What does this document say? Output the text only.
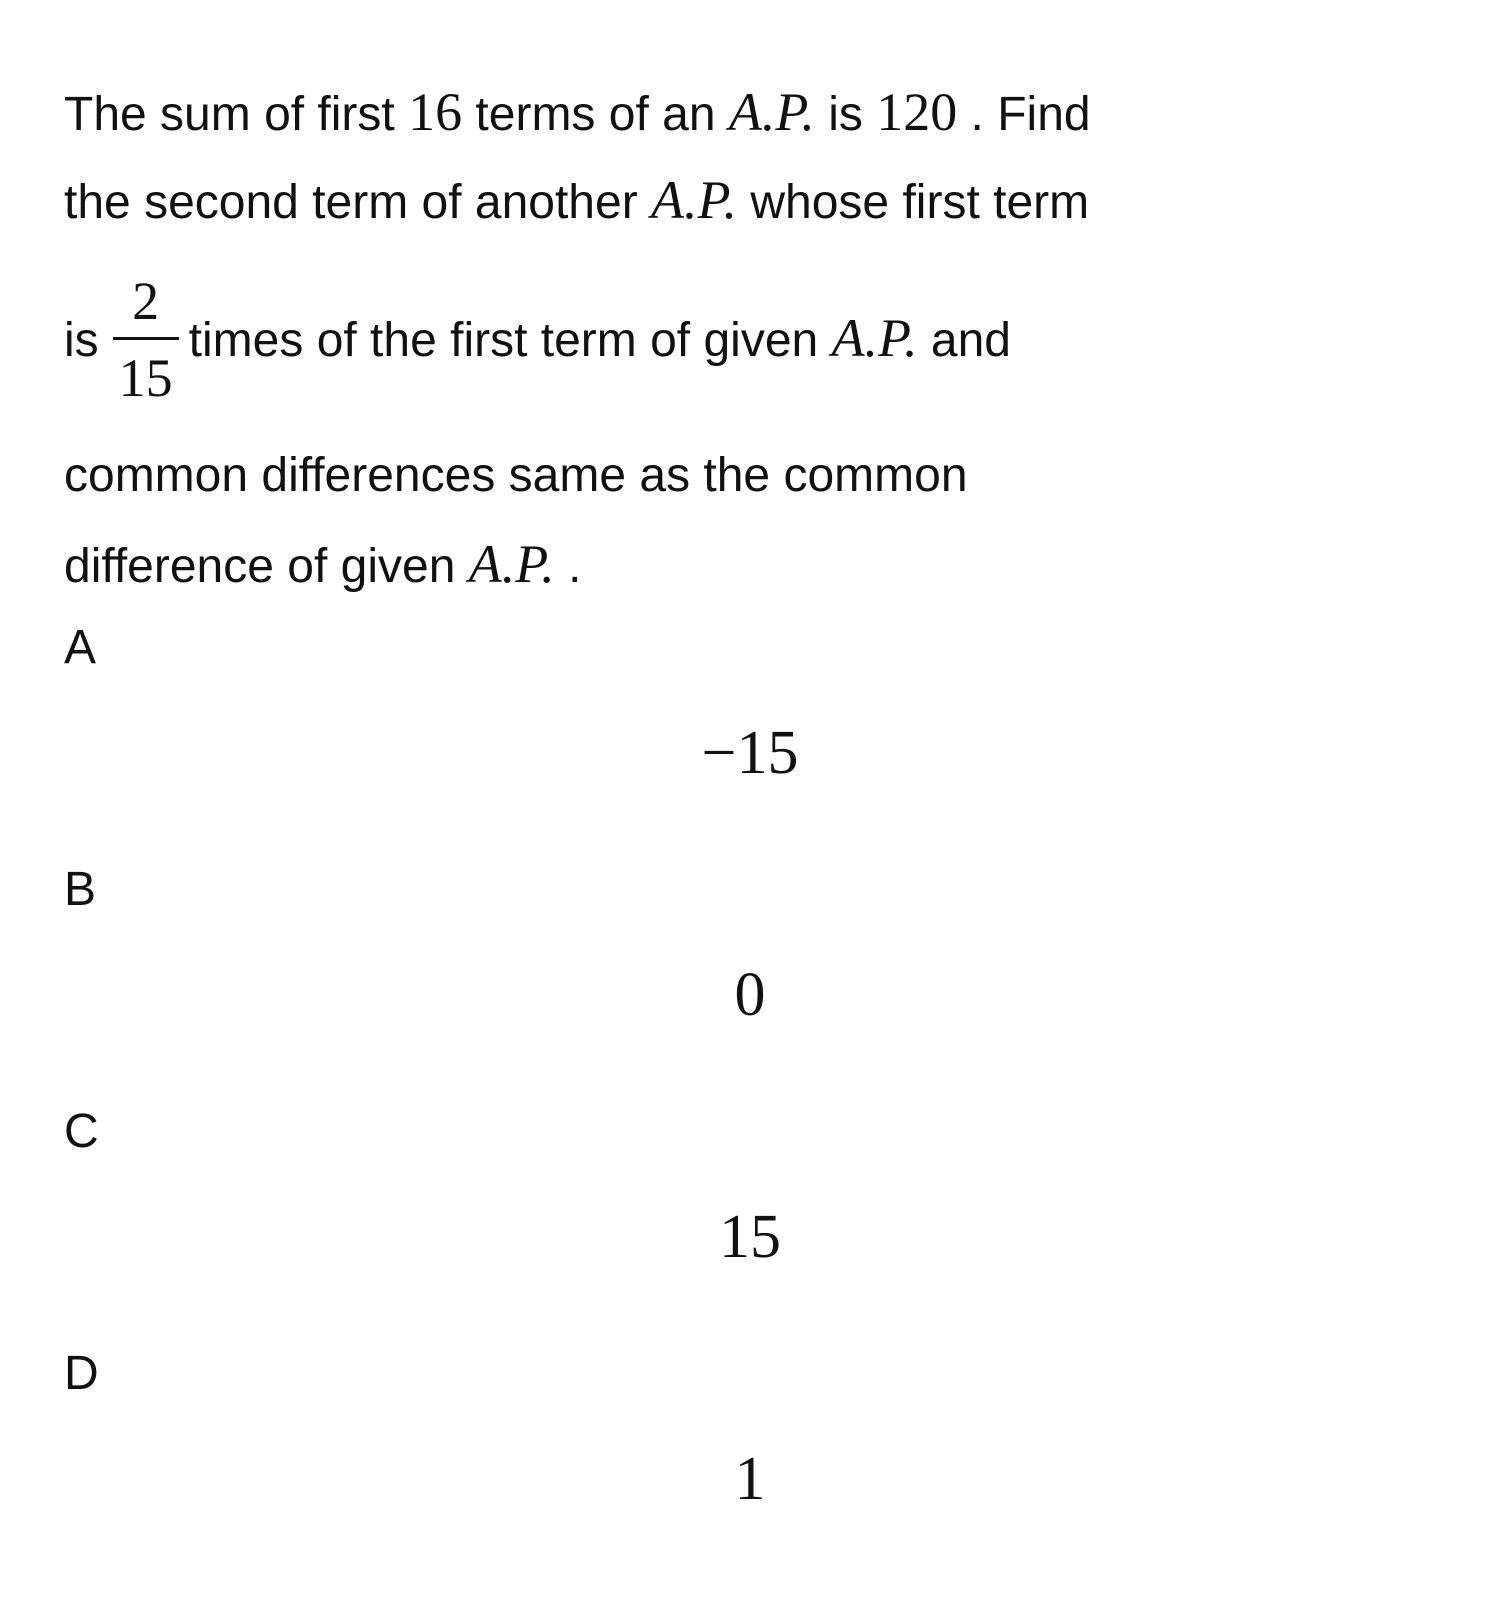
The sum of first 16 terms of an A.P. is 120 . Find
the second term of another A.P. whose first term
is $\frac{2}{15}$ times of the first term of given A.P. and
common differences same as the common
difference of given A.P. .
A
−15
B
0
C
15
D
1
